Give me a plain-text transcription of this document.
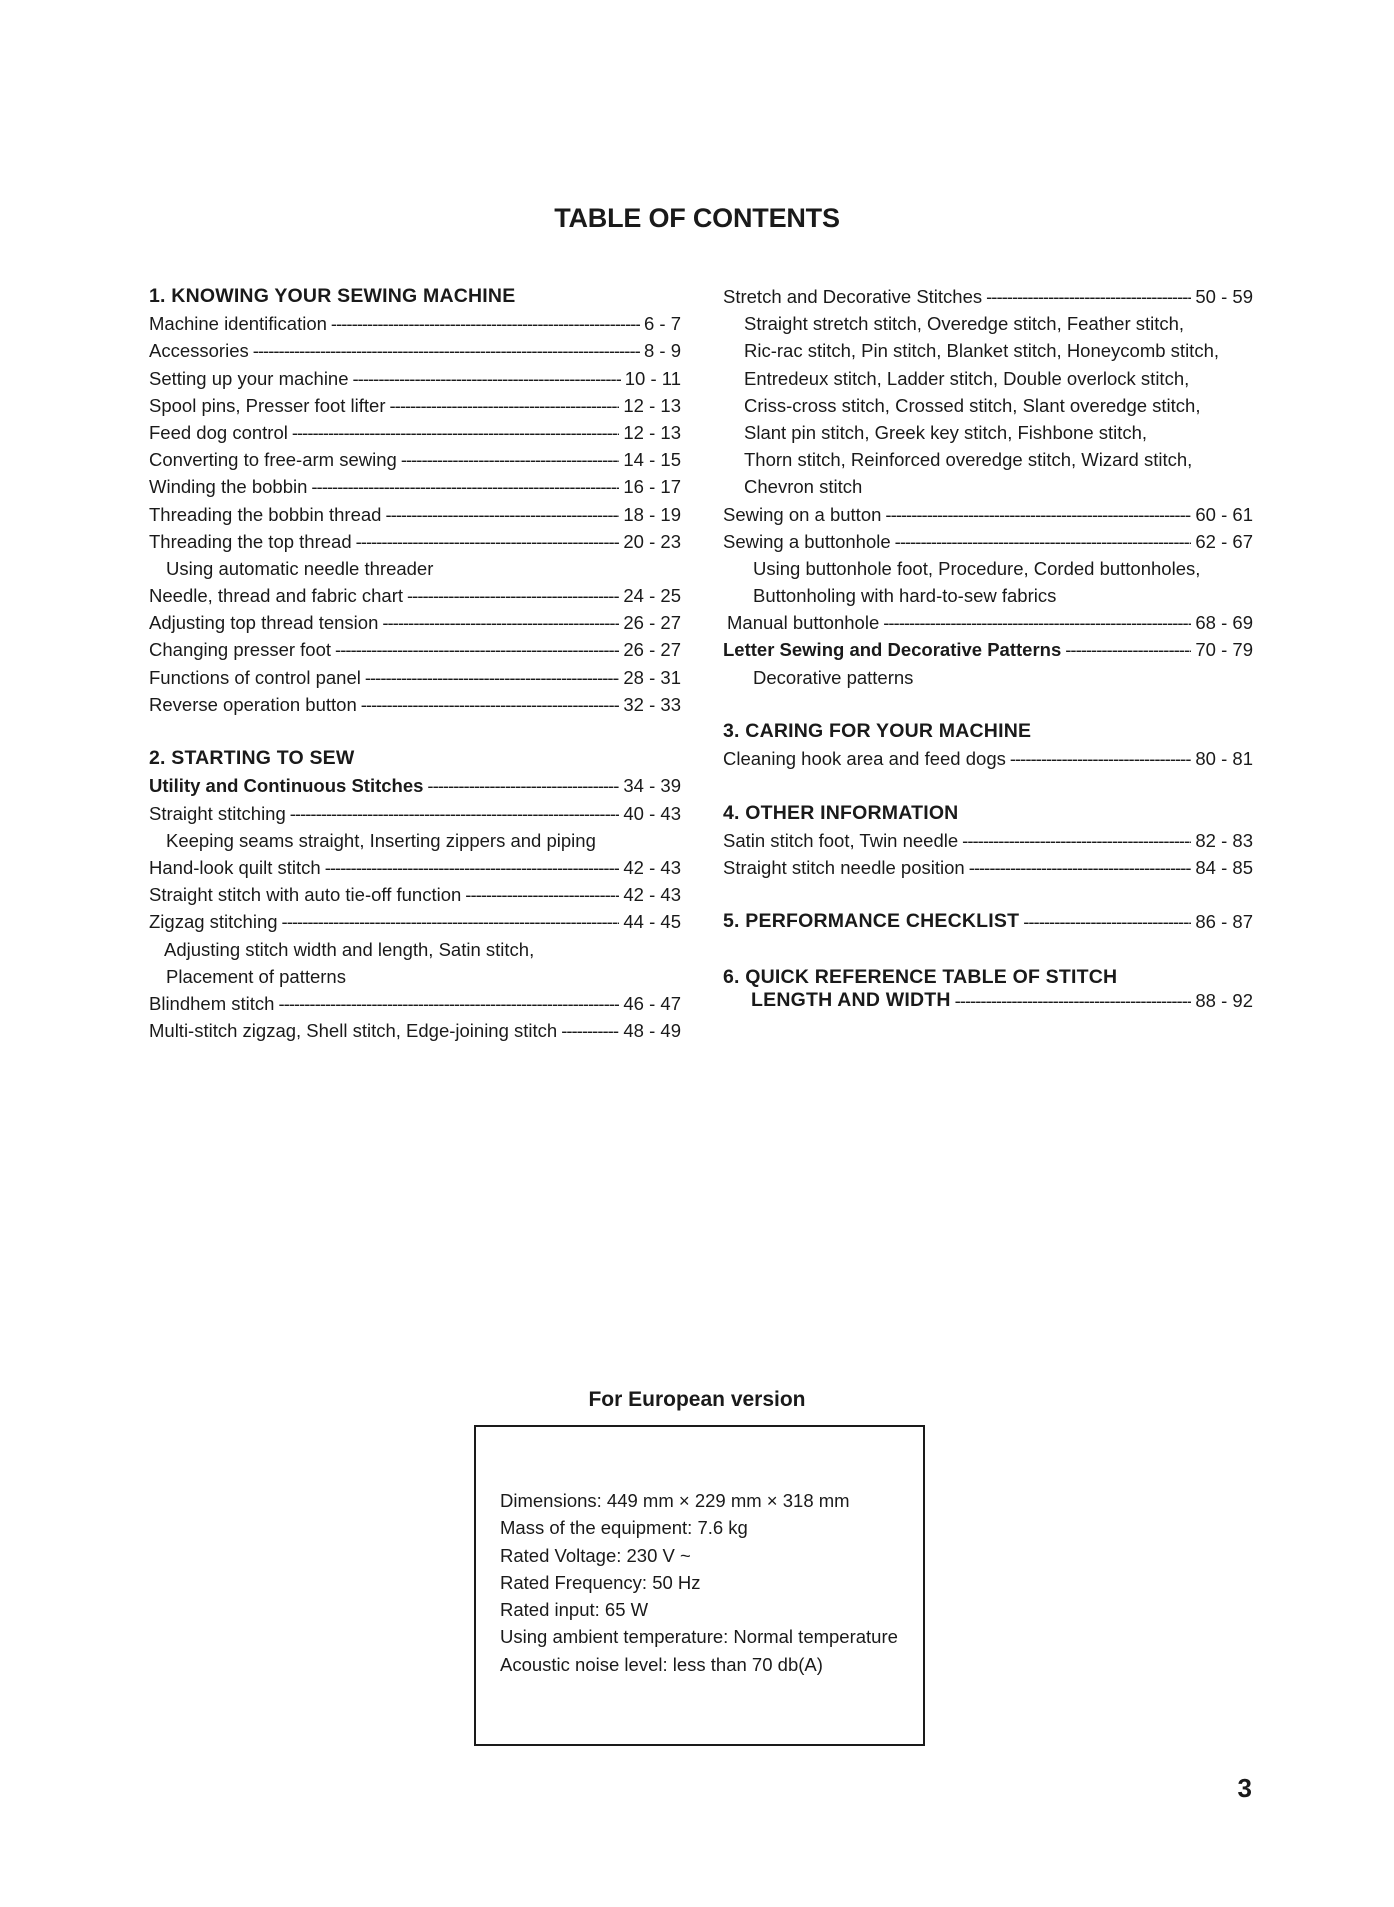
TABLE OF CONTENTS
1. KNOWING YOUR SEWING MACHINE
Machine identification -----	6 - 7
Accessories -----	8 - 9
Setting up your machine -----	10 - 11
Spool pins, Presser foot lifter -----	12 - 13
Feed dog control -----	12 - 13
Converting to free-arm sewing -----	14 - 15
Winding the bobbin -----	16 - 17
Threading the bobbin thread -----	18 - 19
Threading the top thread -----	20 - 23
Using automatic needle threader
Needle, thread and fabric chart -----	24 - 25
Adjusting top thread tension -----	26 - 27
Changing presser foot -----	26 - 27
Functions of control panel -----	28 - 31
Reverse operation button -----	32 - 33
2. STARTING TO SEW
Utility and Continuous Stitches -----	34 - 39
Straight stitching -----	40 - 43
Keeping seams straight, Inserting zippers and piping
Hand-look quilt stitch -----	42 - 43
Straight stitch with auto tie-off function -----	42 - 43
Zigzag stitching -----	44 - 45
Adjusting stitch width and length, Satin stitch,
Placement of patterns
Blindhem stitch -----	46 - 47
Multi-stitch zigzag, Shell stitch, Edge-joining stitch -----	48 - 49
Stretch and Decorative Stitches -----	50 - 59
Straight stretch stitch, Overedge stitch, Feather stitch,
Ric-rac stitch, Pin stitch, Blanket stitch, Honeycomb stitch,
Entredeux stitch, Ladder stitch, Double overlock stitch,
Criss-cross stitch, Crossed stitch, Slant overedge stitch,
Slant pin stitch, Greek key stitch, Fishbone stitch,
Thorn stitch, Reinforced overedge stitch, Wizard stitch,
Chevron stitch
Sewing on a button -----	60 - 61
Sewing a buttonhole -----	62 - 67
Using buttonhole foot, Procedure, Corded buttonholes,
Buttonholing with hard-to-sew fabrics
Manual buttonhole -----	68 - 69
Letter Sewing and Decorative Patterns -----	70 - 79
Decorative patterns
3. CARING FOR YOUR MACHINE
Cleaning hook area and feed dogs -----	80 - 81
4. OTHER INFORMATION
Satin stitch foot, Twin needle -----	82 - 83
Straight stitch needle position -----	84 - 85
5. PERFORMANCE CHECKLIST -----	86 - 87
6. QUICK REFERENCE TABLE OF STITCH
LENGTH AND WIDTH -----	88 - 92
For European version
Dimensions: 449 mm × 229 mm × 318 mm
Mass of the equipment: 7.6 kg
Rated Voltage: 230 V ~
Rated Frequency: 50 Hz
Rated input: 65 W
Using ambient temperature: Normal temperature
Acoustic noise level: less than 70 db(A)
3
